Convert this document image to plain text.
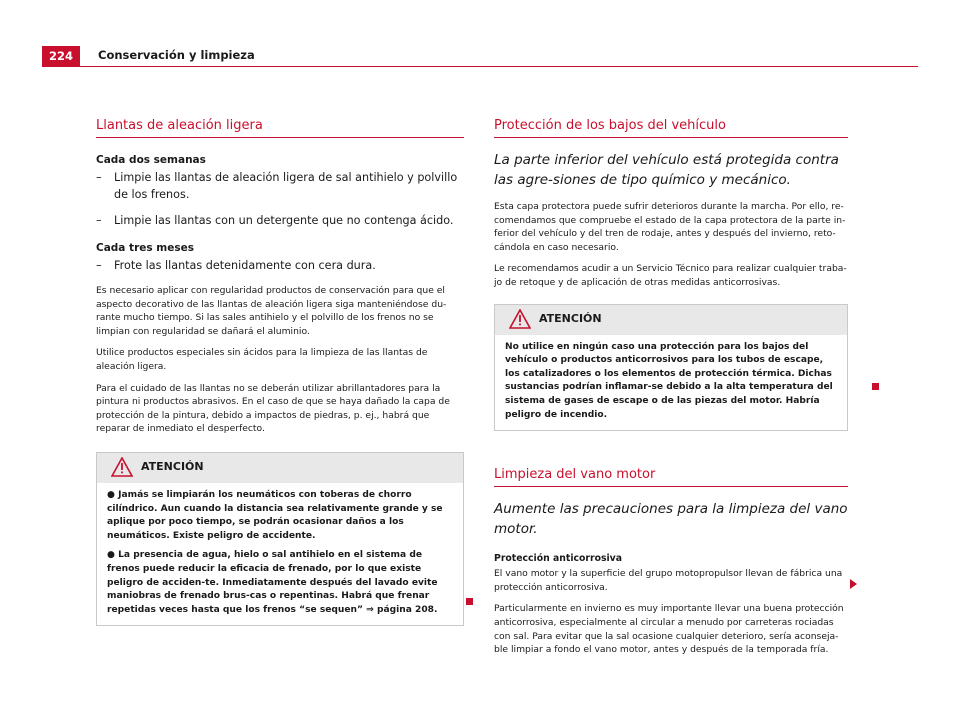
224	Conservación y limpieza
Llantas de aleación ligera
Cada dos semanas
– Limpie las llantas de aleación ligera de sal antihielo y polvillo de los frenos.
– Limpie las llantas con un detergente que no contenga ácido.
Cada tres meses
– Frote las llantas detenidamente con cera dura.

Es necesario aplicar con regularidad productos de conservación para que el aspecto decorativo de las llantas de aleación ligera siga manteniéndose du-rante mucho tiempo. Si las sales antihielo y el polvillo de los frenos no se limpian con regularidad se dañará el aluminio.

Utilice productos especiales sin ácidos para la limpieza de las llantas de aleación ligera.

Para el cuidado de las llantas no se deberán utilizar abrillantadores para la pintura ni productos abrasivos. En el caso de que se haya dañado la capa de protección de la pintura, debido a impactos de piedras, p. ej., habrá que reparar de inmediato el desperfecto.

ATENCIÓN

● Jamás se limpiarán los neumáticos con toberas de chorro cilíndrico. Aun cuando la distancia sea relativamente grande y se aplique por poco tiempo, se podrán ocasionar daños a los neumáticos. Existe peligro de accidente.

● La presencia de agua, hielo o sal antihielo en el sistema de frenos puede reducir la eficacia de frenado, por lo que existe peligro de acciden-te. Inmediatamente después del lavado evite maniobras de frenado brus-cas o repentinas. Habrá que frenar repetidas veces hasta que los frenos “se sequen” ⇒ página 208.

Protección de los bajos del vehículo

La parte inferior del vehículo está protegida contra las agre-siones de tipo químico y mecánico.

Esta capa protectora puede sufrir deterioros durante la marcha. Por ello, re-comendamos que compruebe el estado de la capa protectora de la parte in-ferior del vehículo y del tren de rodaje, antes y después del invierno, reto-cándola en caso necesario.

Le recomendamos acudir a un Servicio Técnico para realizar cualquier traba-jo de retoque y de aplicación de otras medidas anticorrosivas.

ATENCIÓN

No utilice en ningún caso una protección para los bajos del vehículo o productos anticorrosivos para los tubos de escape, los catalizadores o los elementos de protección térmica. Dichas sustancias podrían inflamar-se debido a la alta temperatura del sistema de gases de escape o de las piezas del motor. Habría peligro de incendio.

Limpieza del vano motor

Aumente las precauciones para la limpieza del vano motor.

Protección anticorrosiva

El vano motor y la superficie del grupo motopropulsor llevan de fábrica una protección anticorrosiva.

Particularmente en invierno es muy importante llevar una buena protección anticorrosiva, especialmente al circular a menudo por carreteras rociadas con sal. Para evitar que la sal ocasione cualquier deterioro, sería aconseja-ble limpiar a fondo el vano motor, antes y después de la temporada fría.
